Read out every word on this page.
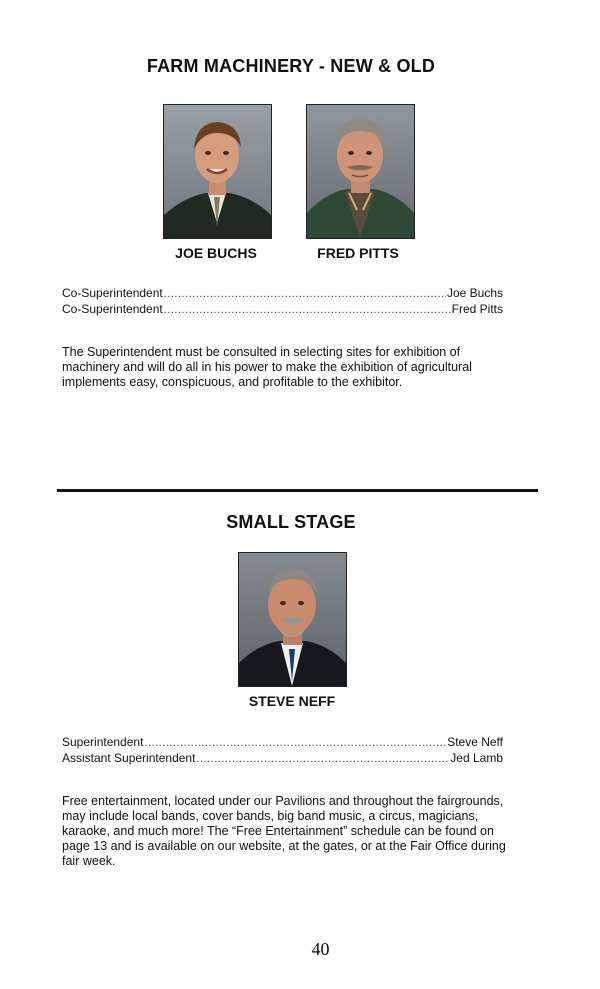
FARM MACHINERY - NEW & OLD
JOE BUCHS	FRED PITTS
Co-Superintendent .....	Joe Buchs
Co-Superintendent .....	Fred Pitts
The Superintendent must be consulted in selecting sites for exhibition of machinery and will do all in his power to make the exhibition of agricultural implements easy, conspicuous, and profitable to the exhibitor.
SMALL STAGE
STEVE NEFF
Superintendent .....	Steve Neff
Assistant Superintendent .....	Jed Lamb
Free entertainment, located under our Pavilions and throughout the fairgrounds, may include local bands, cover bands, big band music, a circus, magicians, karaoke, and much more! The “Free Entertainment” schedule can be found on page 13 and is available on our website, at the gates, or at the Fair Office during fair week.
40
